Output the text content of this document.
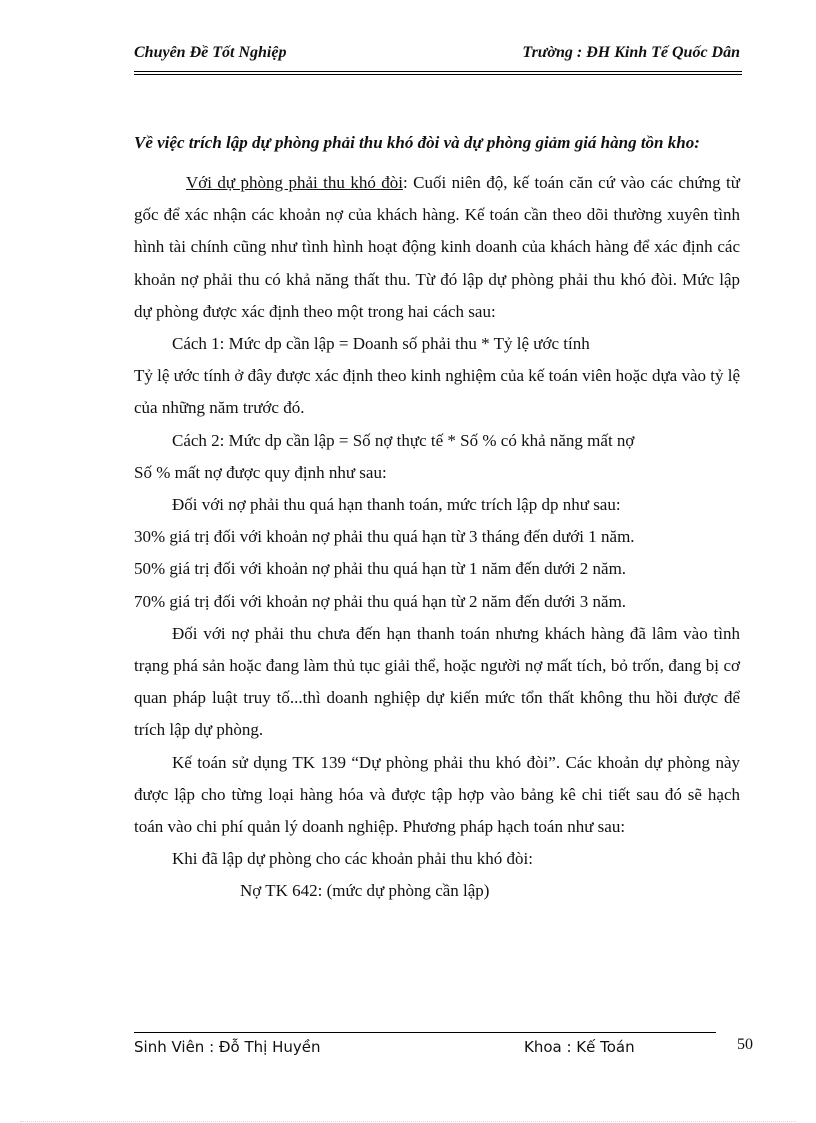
Chuyên Đề Tốt Nghiệp	Trường : ĐH Kinh Tế Quốc Dân
Về việc trích lập dự phòng phải thu khó đòi và dự phòng giảm giá hàng tồn kho:

Với dự phòng phải thu khó đòi: Cuối niên độ, kế toán căn cứ vào các chứng từ gốc để xác nhận các khoản nợ của khách hàng. Kế toán cần theo dõi thường xuyên tình hình tài chính cũng như tình hình hoạt động kinh doanh của khách hàng để xác định các khoản nợ phải thu có khả năng thất thu. Từ đó lập dự phòng phải thu khó đòi. Mức lập dự phòng được xác định theo một trong hai cách sau:

Cách 1: Mức dp cần lập = Doanh số phải thu * Tỷ lệ ước tính

Tỷ lệ ước tính ở đây được xác định theo kinh nghiệm của kế toán viên hoặc dựa vào tỷ lệ của những năm trước đó.

Cách 2: Mức dp cần lập = Số nợ thực tế * Số % có khả năng mất nợ

Số % mất nợ được quy định như sau:

Đối với nợ phải thu quá hạn thanh toán, mức trích lập dp như sau:

30% giá trị đối với khoản nợ phải thu quá hạn từ 3 tháng đến dưới 1 năm.

50% giá trị đối với khoản nợ phải thu quá hạn từ 1 năm đến dưới 2 năm.

70% giá trị đối với khoản nợ phải thu quá hạn từ 2 năm đến dưới 3 năm.

Đối với nợ phải thu chưa đến hạn thanh toán nhưng khách hàng đã lâm vào tình trạng phá sản hoặc đang làm thủ tục giải thể, hoặc người nợ mất tích, bỏ trốn, đang bị cơ quan pháp luật truy tố...thì doanh nghiệp dự kiến mức tổn thất không thu hồi được để trích lập dự phòng.

Kế toán sử dụng TK 139 “Dự phòng phải thu khó đòi”. Các khoản dự phòng này được lập cho từng loại hàng hóa và được tập hợp vào bảng kê chi tiết sau đó sẽ hạch toán vào chi phí quản lý doanh nghiệp. Phương pháp hạch toán như sau:

Khi đã lập dự phòng cho các khoản phải thu khó đòi:

Nợ TK 642: (mức dự phòng cần lập)

Sinh Viên : Đỗ Thị Huyền	Khoa : Kế Toán	50
